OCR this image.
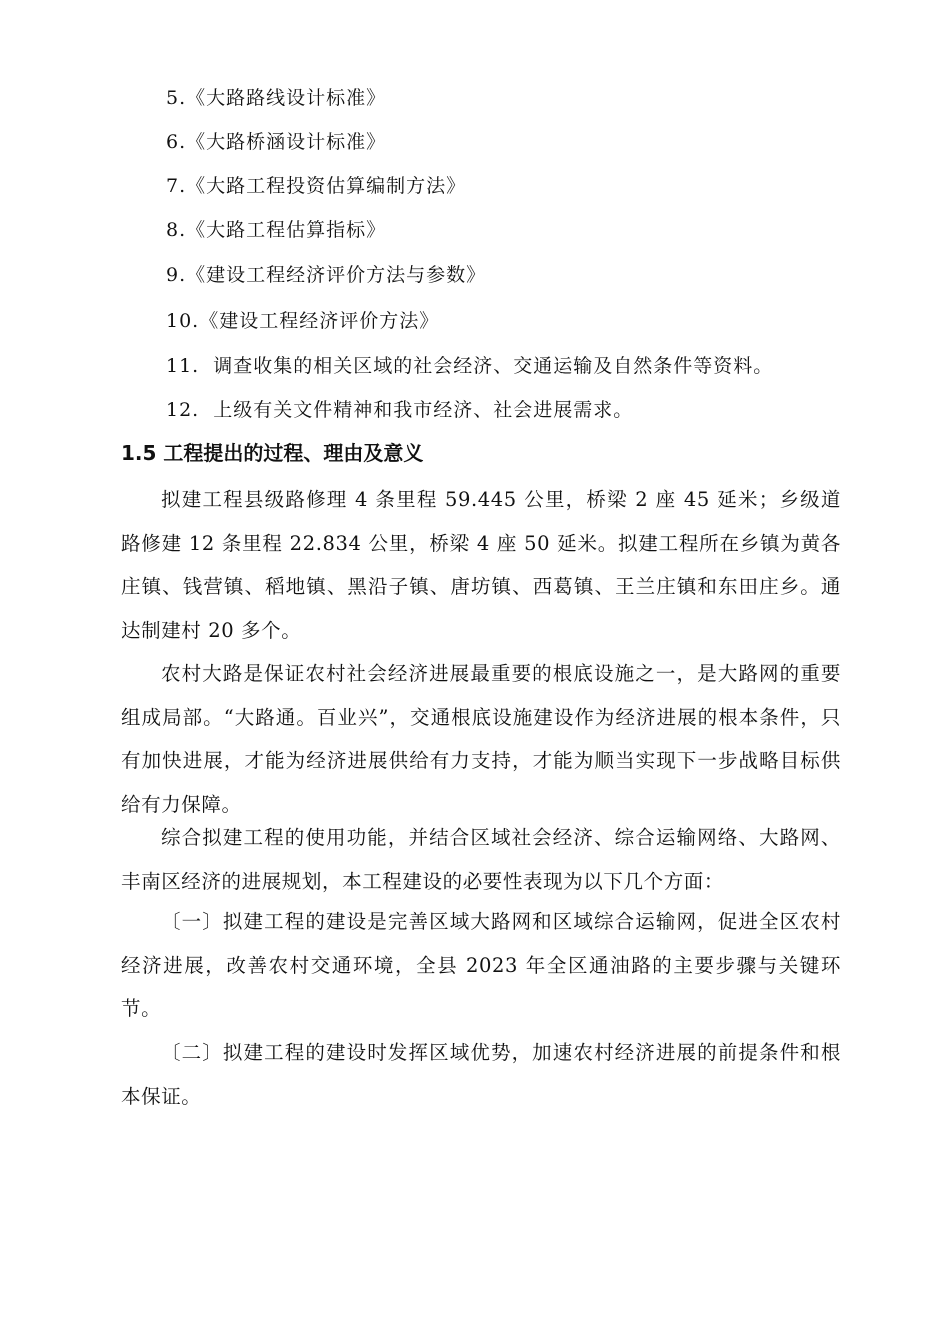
5.《大路路线设计标准》
6.《大路桥涵设计标准》
7.《大路工程投资估算编制方法》
8.《大路工程估算指标》
9.《建设工程经济评价方法与参数》
10.《建设工程经济评价方法》
11. 调查收集的相关区域的社会经济、交通运输及自然条件等资料。
12. 上级有关文件精神和我市经济、社会进展需求。
1.5 工程提出的过程、理由及意义

拟建工程县级路修理 4 条里程 59.445 公里，桥梁 2 座 45 延米；乡级道路修建 12 条里程 22.834 公里，桥梁 4 座 50 延米。拟建工程所在乡镇为黄各庄镇、钱营镇、稻地镇、黑沿子镇、唐坊镇、西葛镇、王兰庄镇和东田庄乡。通达制建村 20 多个。

农村大路是保证农村社会经济进展最重要的根底设施之一，是大路网的重要组成局部。“大路通。百业兴”，交通根底设施建设作为经济进展的根本条件，只有加快进展，才能为经济进展供给有力支持，才能为顺当实现下一步战略目标供给有力保障。

综合拟建工程的使用功能，并结合区域社会经济、综合运输网络、大路网、丰南区经济的进展规划，本工程建设的必要性表现为以下几个方面：

〔一〕拟建工程的建设是完善区域大路网和区域综合运输网，促进全区农村经济进展，改善农村交通环境，全县 2023 年全区通油路的主要步骤与关键环节。

〔二〕拟建工程的建设时发挥区域优势，加速农村经济进展的前提条件和根本保证。
